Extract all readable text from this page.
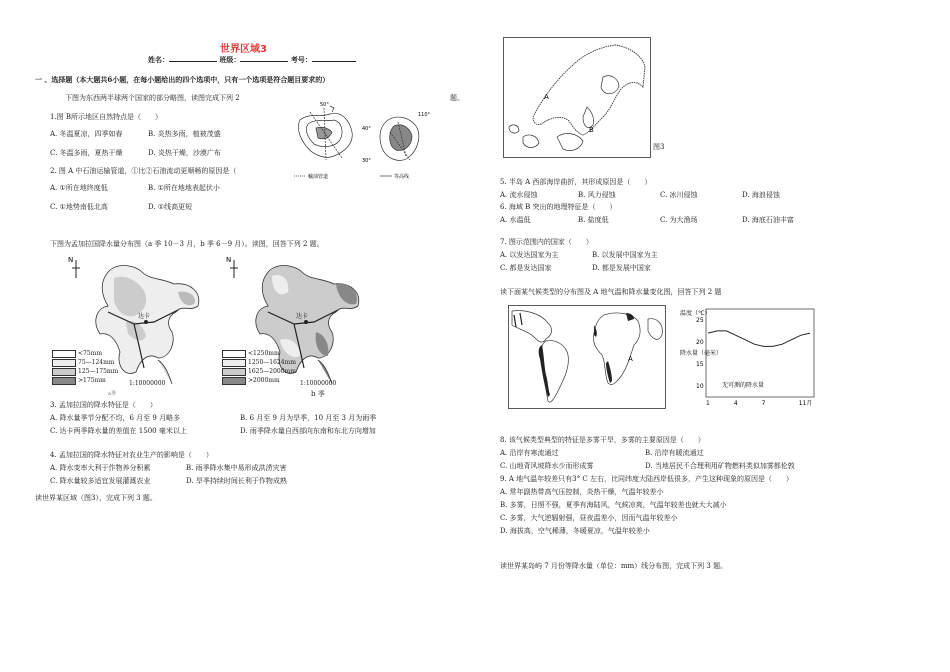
世界区域3
姓名：	班级：	考号：
一 、选择题（本大题共6小题，在每小题给出的四个选项中，只有一个选项是符合题目要求的）
下图为东西两半球两个国家的部分略图，读图完成下列 2	题。
1.图 B所示地区自然特点是（　　）
A. 冬温夏凉，四季如春	B. 炎热多雨，植被茂盛
C. 冬温多雨，夏热干燥	D. 炎热干燥，沙漠广布
2. 图 A 中石油运输管道，①比②石油流动更顺畅的原因是（
A. ①所在地终度低	B. ①所在地地表起伏小
C. ①地势南低北高	D. ①线高更短
50°
40°
30°
110°
輸油管道	等高线
下图为孟加拉国降水量分布图（a 季 10－3 月，b 季 6－9 月）。读图，回答下列 2 题。
N
达卡
<75mm
75—124mm
125—175mm
>175mm	1:10000000
a季
N
达卡
<1250mm
1250—1624mm
1625—2000mm
>2000mm	1:10000000
b 季
3. 孟加拉国的降水特征是（　　）
A. 降水量季节分配不均，6 月至 9 月略多	B. 6 月至 9 月为旱季，10 月至 3 月为雨季
C. 达卡两季降水量的差值在 1500 毫米以上	D. 雨季降水量自西部向东南和东北方向增加
4. 孟加拉国的降水特征对农业生产的影响是（　　）
A. 降水变率大利于作物养分积累	B. 雨季降水集中易形成洪涝灾害
C. 降水量较多适宜发展灌溉农业	D. 旱季持续时间长利于作物成熟
读世界某区域（图3），完成下列 3 题。
A
B
图3
5. 半岛 A 西部海岸曲折，其形成原因是（　　）
A. 流水侵蚀	B. 风力侵蚀	C. 冰川侵蚀	D. 海浪侵蚀
6. 海域 B 突出的地理特征是（　　）
A. 水温低	B. 盐度低	C. 为大渔场	D. 海底石油丰富
7. 图示范围内的国家（　　）
A. 以发达国家为主	B. 以发展中国家为主
C. 都是发达国家	D. 都是发展中国家
读下面某气候类型的分布图及 A 地气温和降水量变化图，回答下列 2 题
A
温度（℃）
降水量（毫米）
25
20
15
10
1	4	7	11月
无可测的降水量
8. 该气候类型典型的特征是多雾干旱，多雾的主要原因是（　　）
A. 沿岸有寒流通过	B. 沿岸有暖流通过
C. 山地背风坡降水少而形成雾	D. 当地居民不合理利用矿物燃料类似加雾都伦敦
9. A 地气温年较差只有3° C 左右，比同纬度大陆西岸低很多，产生这种现象的原因是（　　）
A. 常年副热带高气压控制，炎热干燥，气温年较差小
B. 多雾，日照不强，夏季有海陆风，气候凉爽，气温年较差也就大大减小
C. 多雾，大气逆辐射强，昼夜温差小，因而气温年较差小
D. 海拔高，空气稀薄，冬暖夏凉，气温年较差小
读世界某岛屿 7 月份等降水量（单位：mm）线分布图，完成下列 3 题。
